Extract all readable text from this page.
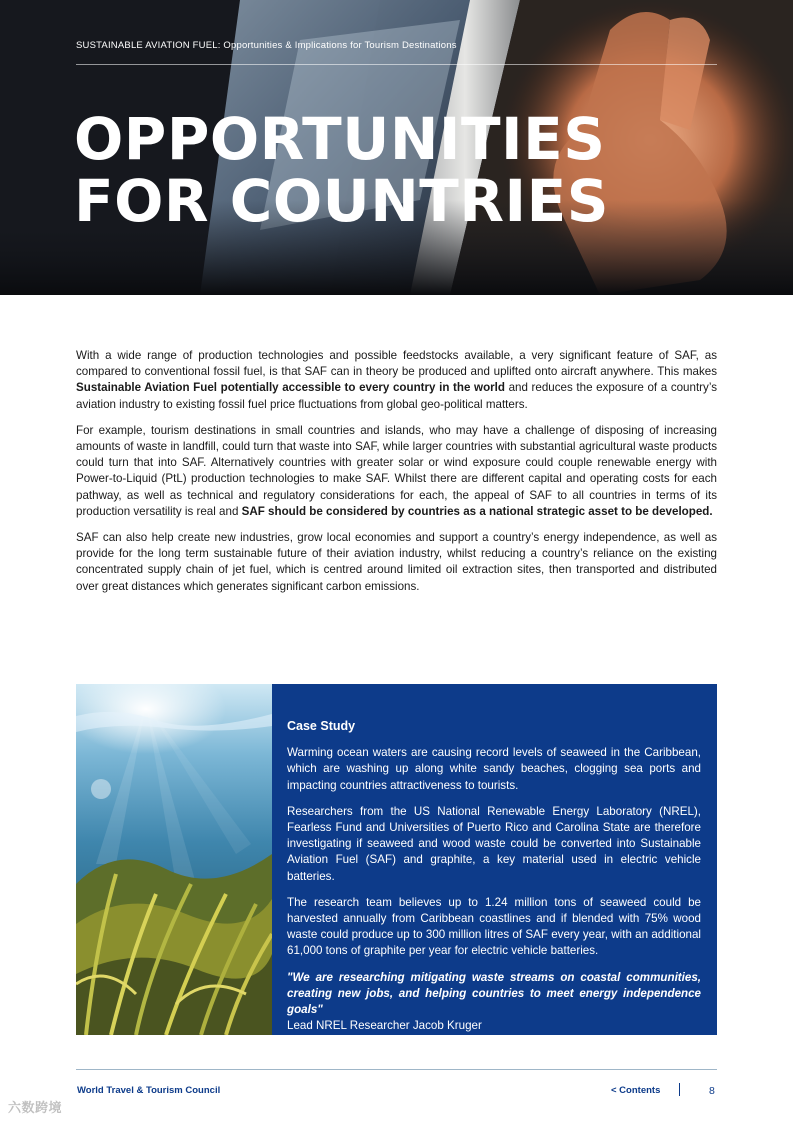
SUSTAINABLE AVIATION FUEL: Opportunities & Implications for Tourism Destinations
OPPORTUNITIES
FOR COUNTRIES

With a wide range of production technologies and possible feedstocks available, a very significant feature of SAF, as compared to conventional fossil fuel, is that SAF can in theory be produced and uplifted onto aircraft anywhere. This makes Sustainable Aviation Fuel potentially accessible to every country in the world and reduces the exposure of a country’s aviation industry to existing fossil fuel price fluctuations from global geo-political matters.

For example, tourism destinations in small countries and islands, who may have a challenge of disposing of increasing amounts of waste in landfill, could turn that waste into SAF, while larger countries with substantial agricultural waste products could turn that into SAF. Alternatively countries with greater solar or wind exposure could couple renewable energy with Power-to-Liquid (PtL) production technologies to make SAF. Whilst there are different capital and operating costs for each pathway, as well as technical and regulatory considerations for each, the appeal of SAF to all countries in terms of its production versatility is real and SAF should be considered by countries as a national strategic asset to be developed.

SAF can also help create new industries, grow local economies and support a country’s energy independence, as well as provide for the long term sustainable future of their aviation industry, whilst reducing a country’s reliance on the existing concentrated supply chain of jet fuel, which is centred around limited oil extraction sites, then transported and distributed over great distances which generates significant carbon emissions.

Case Study

Warming ocean waters are causing record levels of seaweed in the Caribbean, which are washing up along white sandy beaches, clogging sea ports and impacting countries attractiveness to tourists.

Researchers from the US National Renewable Energy Laboratory (NREL), Fearless Fund and Universities of Puerto Rico and Carolina State are therefore investigating if seaweed and wood waste could be converted into Sustainable Aviation Fuel (SAF) and graphite, a key material used in electric vehicle batteries.

The research team believes up to 1.24 million tons of seaweed could be harvested annually from Caribbean coastlines and if blended with 75% wood waste could produce up to 300 million litres of SAF every year, with an additional 61,000 tons of graphite per year for electric vehicle batteries.

"We are researching mitigating waste streams on coastal communities, creating new jobs, and helping countries to meet energy independence goals"

Lead NREL Researcher Jacob Kruger

World Travel & Tourism Council	< Contents	8
六数跨境
